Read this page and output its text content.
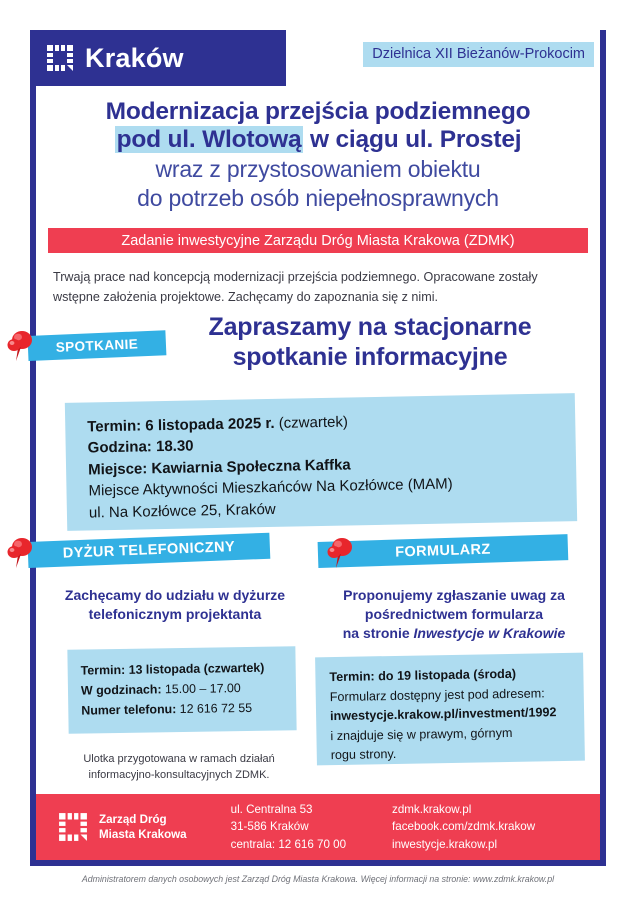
Kraków	Dzielnica XII Bieżanów-Prokocim
Modernizacja przejścia podziemnego
pod ul. Wlotową w ciągu ul. Prostej
wraz z przystosowaniem obiektu
do potrzeb osób niepełnosprawnych
Zadanie inwestycyjne Zarządu Dróg Miasta Krakowa (ZDMK)
Trwają prace nad koncepcją modernizacji przejścia podziemnego. Opracowane zostały wstępne założenia projektowe. Zachęcamy do zapoznania się z nimi.
SPOTKANIE
Zapraszamy na stacjonarne
spotkanie informacyjne
Termin: 6 listopada 2025 r. (czwartek)
Godzina: 18.30
Miejsce: Kawiarnia Społeczna Kaffka
Miejsce Aktywności Mieszkańców Na Kozłówce (MAM)
ul. Na Kozłówce 25, Kraków
DYŻUR TELEFONICZNY
Zachęcamy do udziału w dyżurze
telefonicznym projektanta
Termin: 13 listopada (czwartek)
W godzinach: 15.00 – 17.00
Numer telefonu: 12 616 72 55
FORMULARZ
Proponujemy zgłaszanie uwag za
pośrednictwem formularza
na stronie Inwestycje w Krakowie
Termin: do 19 listopada (środa)
Formularz dostępny jest pod adresem:
inwestycje.krakow.pl/investment/1992
i znajduje się w prawym, górnym
rogu strony.
Ulotka przygotowana w ramach działań
informacyjno-konsultacyjnych ZDMK.
Zarząd Dróg
Miasta Krakowa
ul. Centralna 53
31-586 Kraków
centrala: 12 616 70 00
zdmk.krakow.pl
facebook.com/zdmk.krakow
inwestycje.krakow.pl
Administratorem danych osobowych jest Zarząd Dróg Miasta Krakowa. Więcej informacji na stronie: www.zdmk.krakow.pl
